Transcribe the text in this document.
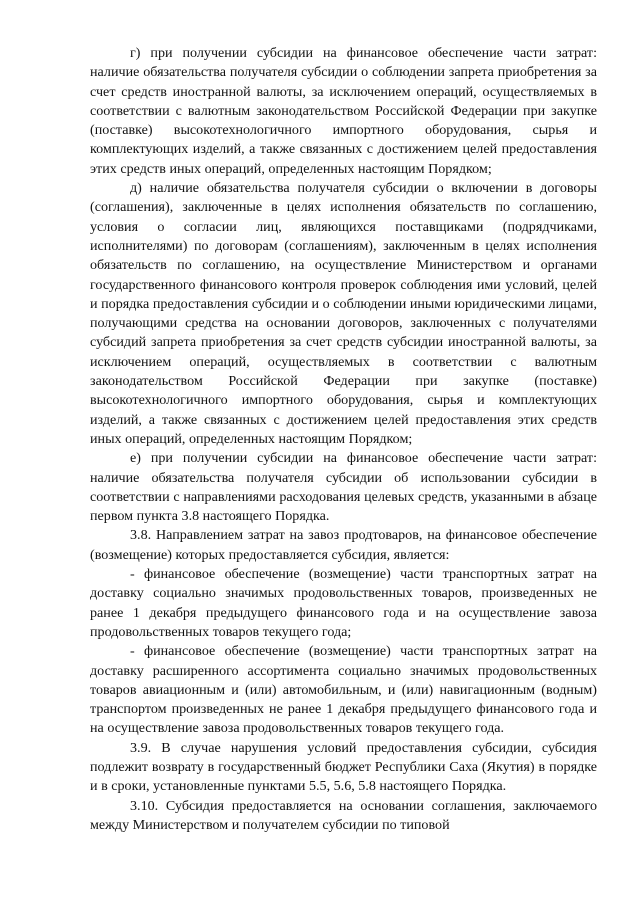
г) при получении субсидии на финансовое обеспечение части затрат: наличие обязательства получателя субсидии о соблюдении запрета приобретения за счет средств иностранной валюты, за исключением операций, осуществляемых в соответствии с валютным законодательством Российской Федерации при закупке (поставке) высокотехнологичного импортного оборудования, сырья и комплектующих изделий, а также связанных с достижением целей предоставления этих средств иных операций, определенных настоящим Порядком;

д) наличие обязательства получателя субсидии о включении в договоры (соглашения), заключенные в целях исполнения обязательств по соглашению, условия о согласии лиц, являющихся поставщиками (подрядчиками, исполнителями) по договорам (соглашениям), заключенным в целях исполнения обязательств по соглашению, на осуществление Министерством и органами государственного финансового контроля проверок соблюдения ими условий, целей и порядка предоставления субсидии и о соблюдении иными юридическими лицами, получающими средства на основании договоров, заключенных с получателями субсидий запрета приобретения за счет средств субсидии иностранной валюты, за исключением операций, осуществляемых в соответствии с валютным законодательством Российской Федерации при закупке (поставке) высокотехнологичного импортного оборудования, сырья и комплектующих изделий, а также связанных с достижением целей предоставления этих средств иных операций, определенных настоящим Порядком;

е) при получении субсидии на финансовое обеспечение части затрат: наличие обязательства получателя субсидии об использовании субсидии в соответствии с направлениями расходования целевых средств, указанными в абзаце первом пункта 3.8 настоящего Порядка.

3.8. Направлением затрат на завоз продтоваров, на финансовое обеспечение (возмещение) которых предоставляется субсидия, является:

- финансовое обеспечение (возмещение) части транспортных затрат на доставку социально значимых продовольственных товаров, произведенных не ранее 1 декабря предыдущего финансового года и на осуществление завоза продовольственных товаров текущего года;

- финансовое обеспечение (возмещение) части транспортных затрат на доставку расширенного ассортимента социально значимых продовольственных товаров авиационным и (или) автомобильным, и (или) навигационным (водным) транспортом произведенных не ранее 1 декабря предыдущего финансового года и на осуществление завоза продовольственных товаров текущего года.

3.9. В случае нарушения условий предоставления субсидии, субсидия подлежит возврату в государственный бюджет Республики Саха (Якутия) в порядке и в сроки, установленные пунктами 5.5, 5.6, 5.8 настоящего Порядка.

3.10. Субсидия предоставляется на основании соглашения, заключаемого между Министерством и получателем субсидии по типовой
